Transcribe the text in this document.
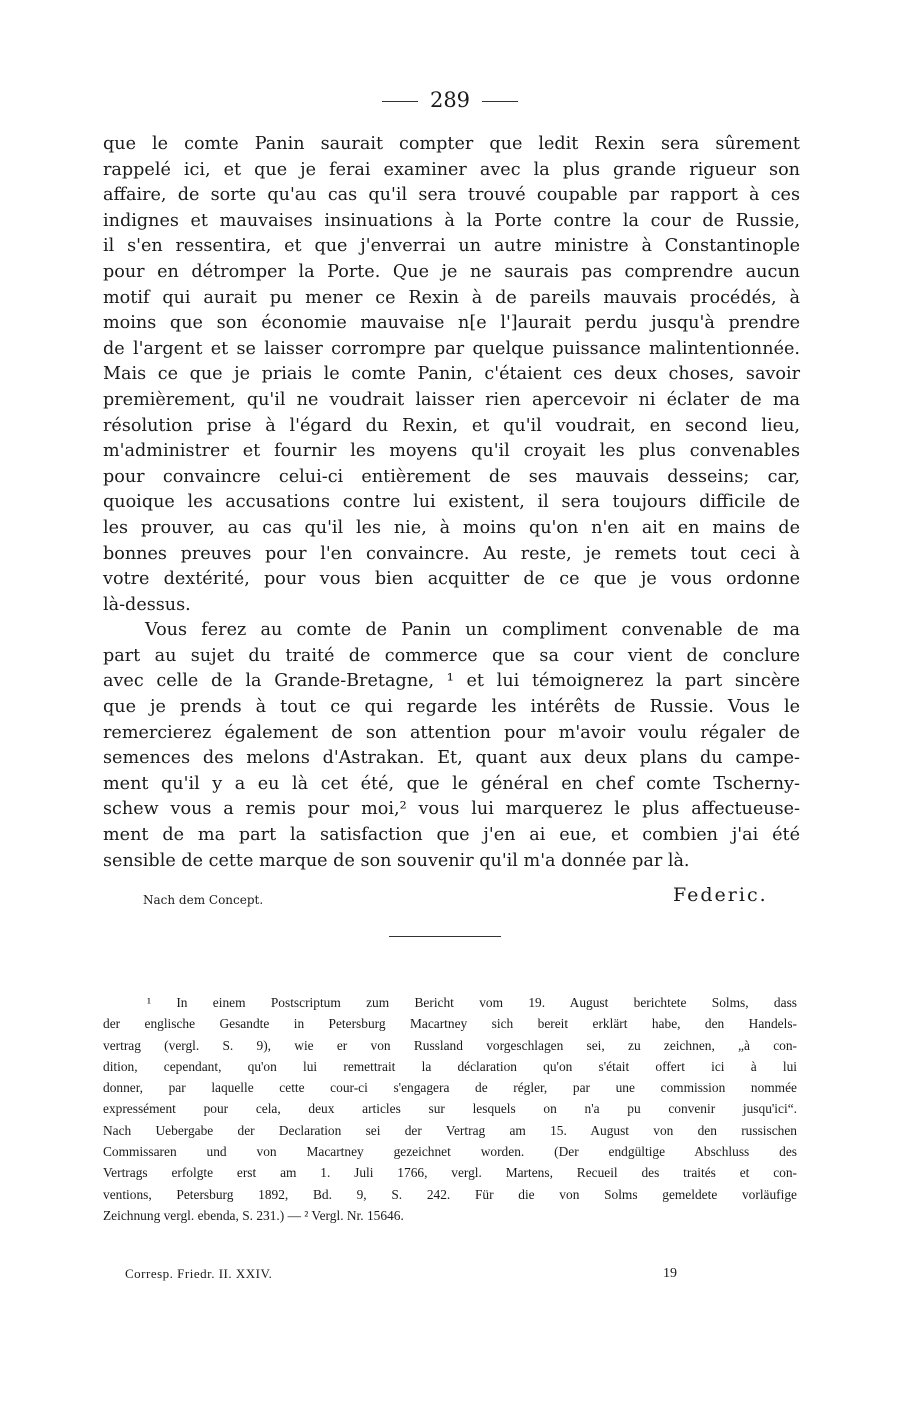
289
que le comte Panin saurait compter que ledit Rexin sera sûrement
rappelé ici, et que je ferai examiner avec la plus grande rigueur son
affaire, de sorte qu'au cas qu'il sera trouvé coupable par rapport à ces
indignes et mauvaises insinuations à la Porte contre la cour de Russie,
il s'en ressentira, et que j'enverrai un autre ministre à Constantinople
pour en détromper la Porte. Que je ne saurais pas comprendre aucun
motif qui aurait pu mener ce Rexin à de pareils mauvais procédés, à
moins que son économie mauvaise n[e l']aurait perdu jusqu'à prendre
de l'argent et se laisser corrompre par quelque puissance malintentionnée.
Mais ce que je priais le comte Panin, c'étaient ces deux choses, savoir
premièrement, qu'il ne voudrait laisser rien apercevoir ni éclater de ma
résolution prise à l'égard du Rexin, et qu'il voudrait, en second lieu,
m'administrer et fournir les moyens qu'il croyait les plus convenables
pour convaincre celui-ci entièrement de ses mauvais desseins; car,
quoique les accusations contre lui existent, il sera toujours difficile de
les prouver, au cas qu'il les nie, à moins qu'on n'en ait en mains de
bonnes preuves pour l'en convaincre. Au reste, je remets tout ceci à
votre dextérité, pour vous bien acquitter de ce que je vous ordonne
là-dessus.
Vous ferez au comte de Panin un compliment convenable de ma
part au sujet du traité de commerce que sa cour vient de conclure
avec celle de la Grande-Bretagne, ¹ et lui témoignerez la part sincère
que je prends à tout ce qui regarde les intérêts de Russie. Vous le
remercierez également de son attention pour m'avoir voulu régaler de
semences des melons d'Astrakan. Et, quant aux deux plans du campe-
ment qu'il y a eu là cet été, que le général en chef comte Tscherny-
schew vous a remis pour moi,² vous lui marquerez le plus affectueuse-
ment de ma part la satisfaction que j'en ai eue, et combien j'ai été
sensible de cette marque de son souvenir qu'il m'a donnée par là.
Nach dem Concept.	Federic.
¹ In einem Postscriptum zum Bericht vom 19. August berichtete Solms, dass
der englische Gesandte in Petersburg Macartney sich bereit erklärt habe, den Handels-
vertrag (vergl. S. 9), wie er von Russland vorgeschlagen sei, zu zeichnen, „à con-
dition, cependant, qu'on lui remettrait la déclaration qu'on s'était offert ici à lui
donner, par laquelle cette cour-ci s'engagera de régler, par une commission nommée
expressément pour cela, deux articles sur lesquels on n'a pu convenir jusqu'ici“.
Nach Uebergabe der Declaration sei der Vertrag am 15. August von den russischen
Commissaren und von Macartney gezeichnet worden. (Der endgültige Abschluss des
Vertrags erfolgte erst am 1. Juli 1766, vergl. Martens, Recueil des traités et con-
ventions, Petersburg 1892, Bd. 9, S. 242. Für die von Solms gemeldete vorläufige
Zeichnung vergl. ebenda, S. 231.) — ² Vergl. Nr. 15646.
Corresp. Friedr. II. XXIV.	19
